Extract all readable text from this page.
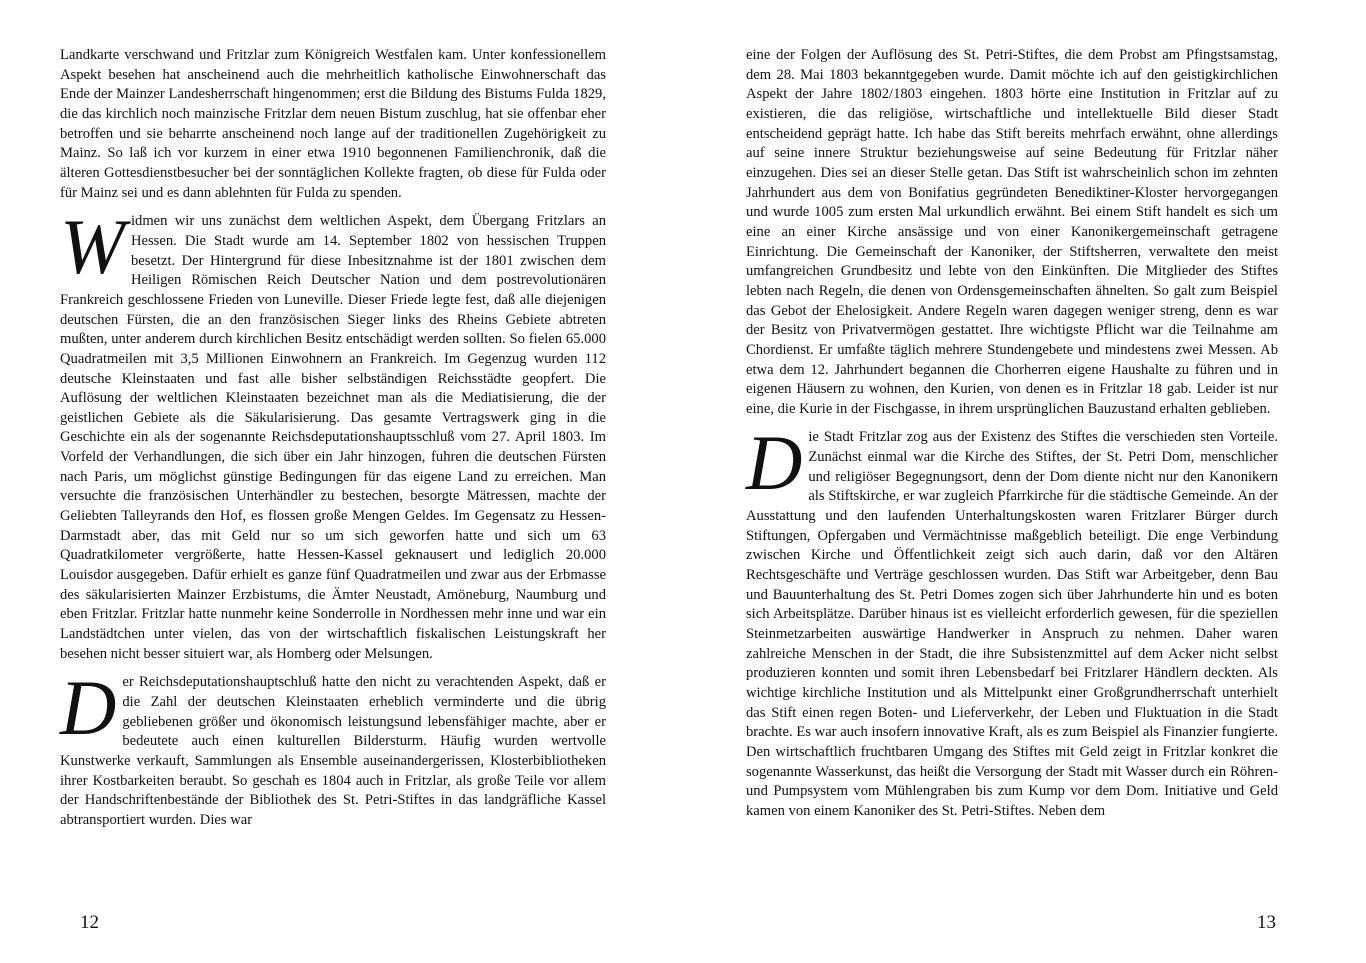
Landkarte verschwand und Fritzlar zum Königreich Westfalen kam. Unter konfessionellem Aspekt besehen hat anscheinend auch die mehrheitlich katholische Einwohnerschaft das Ende der Mainzer Landesherrschaft hingenommen; erst die Bildung des Bistums Fulda 1829, die das kirchlich noch mainzische Fritzlar dem neuen Bistum zuschlug, hat sie offenbar eher betroffen und sie beharrte anscheinend noch lange auf der traditionellen Zugehörigkeit zu Mainz. So laß ich vor kurzem in einer etwa 1910 begonnenen Familienchronik, daß die älteren Gottesdienstbesucher bei der sonntäglichen Kollekte fragten, ob diese für Fulda oder für Mainz sei und es dann ablehnten für Fulda zu spenden.

Widmen wir uns zunächst dem weltlichen Aspekt, dem Übergang Fritzlars an Hessen. Die Stadt wurde am 14. September 1802 von hessischen Truppen besetzt. Der Hintergrund für diese Inbesitznahme ist der 1801 zwischen dem Heiligen Römischen Reich Deutscher Nation und dem postrevolutionären Frankreich geschlossene Frieden von Luneville. Dieser Friede legte fest, daß alle diejenigen deutschen Fürsten, die an den französischen Sieger links des Rheins Gebiete abtreten mußten, unter anderem durch kirchlichen Besitz entschädigt werden sollten. So fielen 65.000 Quadratmeilen mit 3,5 Millionen Einwohnern an Frankreich. Im Gegenzug wurden 112 deutsche Kleinstaaten und fast alle bisher selbständigen Reichsstädte geopfert. Die Auflösung der weltlichen Kleinstaaten bezeichnet man als die Mediatisierung, die der geistlichen Gebiete als die Säkularisierung. Das gesamte Vertragswerk ging in die Geschichte ein als der sogenannte Reichsdeputationshauptsschluß vom 27. April 1803. Im Vorfeld der Verhandlungen, die sich über ein Jahr hinzogen, fuhren die deutschen Fürsten nach Paris, um möglichst günstige Bedingungen für das eigene Land zu erreichen. Man versuchte die französischen Unterhändler zu bestechen, besorgte Mätressen, machte der Geliebten Talleyrands den Hof, es flossen große Mengen Geldes. Im Gegensatz zu Hessen-Darmstadt aber, das mit Geld nur so um sich geworfen hatte und sich um 63 Quadratkilometer vergrößerte, hatte Hessen-Kassel geknausert und lediglich 20.000 Louisdor ausgegeben. Dafür erhielt es ganze fünf Quadratmeilen und zwar aus der Erbmasse des säkularisierten Mainzer Erzbistums, die Ämter Neustadt, Amöneburg, Naumburg und eben Fritzlar. Fritzlar hatte nunmehr keine Sonderrolle in Nordhessen mehr inne und war ein Landstädtchen unter vielen, das von der wirtschaftlich fiskalischen Leistungskraft her besehen nicht besser situiert war, als Homberg oder Melsungen.

Der Reichsdeputationshauptschluß hatte den nicht zu verachtenden Aspekt, daß er die Zahl der deutschen Kleinstaaten erheblich verminderte und die übrig gebliebenen größer und ökonomisch leistungsund lebensfähiger machte, aber er bedeutete auch einen kulturellen Bildersturm. Häufig wurden wertvolle Kunstwerke verkauft, Sammlungen als Ensemble auseinandergerissen, Klosterbibliotheken ihrer Kostbarkeiten beraubt. So geschah es 1804 auch in Fritzlar, als große Teile vor allem der Handschriftenbestände der Bibliothek des St. Petri-Stiftes in das landgräfliche Kassel abtransportiert wurden. Dies war

eine der Folgen der Auflösung des St. Petri-Stiftes, die dem Probst am Pfingstsamstag, dem 28. Mai 1803 bekanntgegeben wurde. Damit möchte ich auf den geistigkirchlichen Aspekt der Jahre 1802/1803 eingehen. 1803 hörte eine Institution in Fritzlar auf zu existieren, die das religiöse, wirtschaftliche und intellektuelle Bild dieser Stadt entscheidend geprägt hatte. Ich habe das Stift bereits mehrfach erwähnt, ohne allerdings auf seine innere Struktur beziehungsweise auf seine Bedeutung für Fritzlar näher einzugehen. Dies sei an dieser Stelle getan. Das Stift ist wahrscheinlich schon im zehnten Jahrhundert aus dem von Bonifatius gegründeten Benediktiner-Kloster hervorgegangen und wurde 1005 zum ersten Mal urkundlich erwähnt. Bei einem Stift handelt es sich um eine an einer Kirche ansässige und von einer Kanonikergemeinschaft getragene Einrichtung. Die Gemeinschaft der Kanoniker, der Stiftsherren, verwaltete den meist umfangreichen Grundbesitz und lebte von den Einkünften. Die Mitglieder des Stiftes lebten nach Regeln, die denen von Ordensgemeinschaften ähnelten. So galt zum Beispiel das Gebot der Ehelosigkeit. Andere Regeln waren dagegen weniger streng, denn es war der Besitz von Privatvermögen gestattet. Ihre wichtigste Pflicht war die Teilnahme am Chordienst. Er umfaßte täglich mehrere Stundengebete und mindestens zwei Messen. Ab etwa dem 12. Jahrhundert begannen die Chorherren eigene Haushalte zu führen und in eigenen Häusern zu wohnen, den Kurien, von denen es in Fritzlar 18 gab. Leider ist nur eine, die Kurie in der Fischgasse, in ihrem ursprünglichen Bauzustand erhalten geblieben.

Die Stadt Fritzlar zog aus der Existenz des Stiftes die verschieden sten Vorteile. Zunächst einmal war die Kirche des Stiftes, der St. Petri Dom, menschlicher und religiöser Begegnungsort, denn der Dom diente nicht nur den Kanonikern als Stiftskirche, er war zugleich Pfarrkirche für die städtische Gemeinde. An der Ausstattung und den laufenden Unterhaltungskosten waren Fritzlarer Bürger durch Stiftungen, Opfergaben und Vermächtnisse maßgeblich beteiligt. Die enge Verbindung zwischen Kirche und Öffentlichkeit zeigt sich auch darin, daß vor den Altären Rechtsgeschäfte und Verträge geschlossen wurden. Das Stift war Arbeitgeber, denn Bau und Bauunterhaltung des St. Petri Domes zogen sich über Jahrhunderte hin und es boten sich Arbeitsplätze. Darüber hinaus ist es vielleicht erforderlich gewesen, für die speziellen Steinmetzarbeiten auswärtige Handwerker in Anspruch zu nehmen. Daher waren zahlreiche Menschen in der Stadt, die ihre Subsistenzmittel auf dem Acker nicht selbst produzieren konnten und somit ihren Lebensbedarf bei Fritzlarer Händlern deckten. Als wichtige kirchliche Institution und als Mittelpunkt einer Großgrundherrschaft unterhielt das Stift einen regen Boten- und Lieferverkehr, der Leben und Fluktuation in die Stadt brachte. Es war auch insofern innovative Kraft, als es zum Beispiel als Finanzier fungierte. Den wirtschaftlich fruchtbaren Umgang des Stiftes mit Geld zeigt in Fritzlar konkret die sogenannte Wasserkunst, das heißt die Versorgung der Stadt mit Wasser durch ein Röhren- und Pumpsystem vom Mühlengraben bis zum Kump vor dem Dom. Initiative und Geld kamen von einem Kanoniker des St. Petri-Stiftes. Neben dem

12	13
